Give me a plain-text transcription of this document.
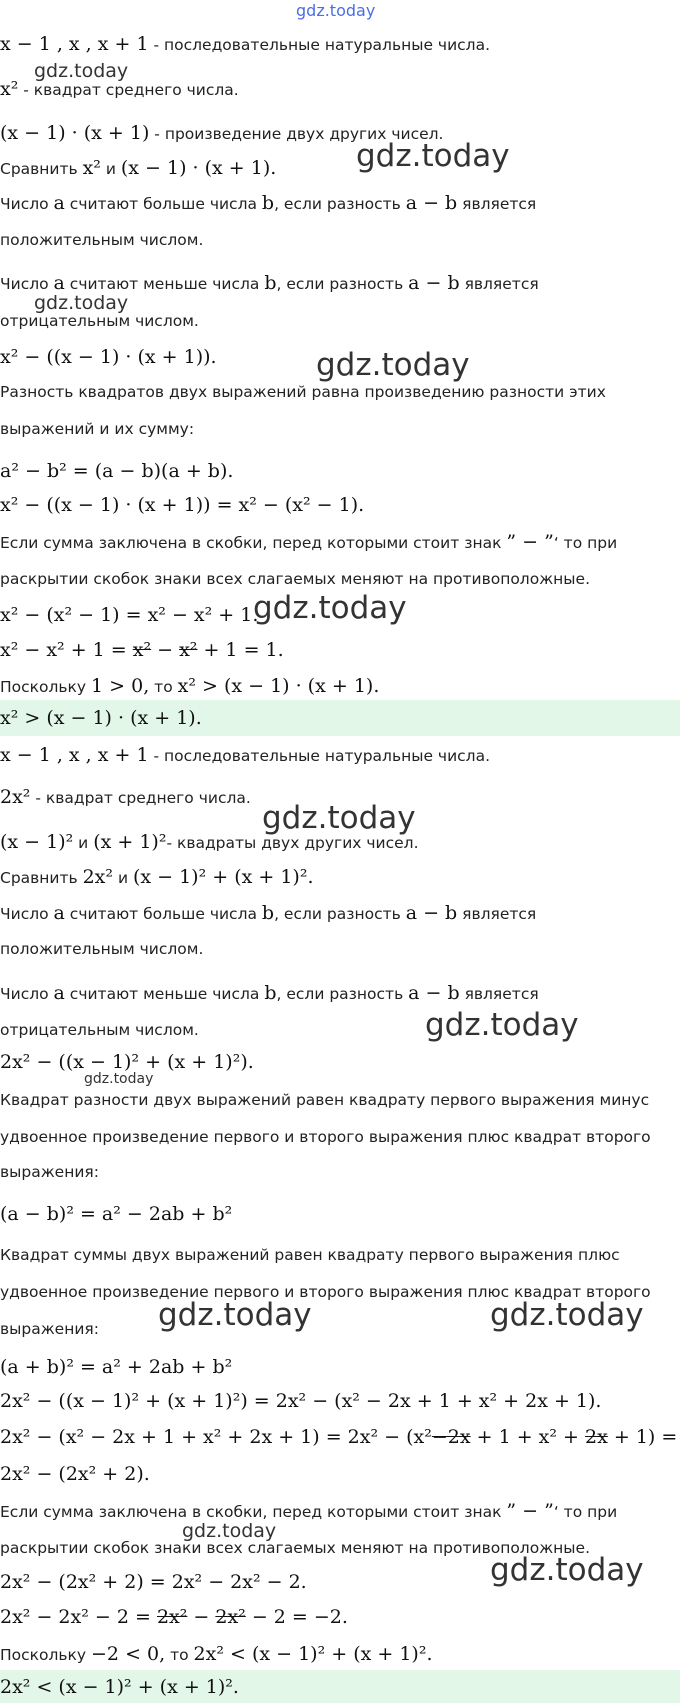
gdz.today
gdz.today
gdz.today
gdz.today
gdz.today
gdz.today
gdz.today
gdz.today
gdz.today
gdz.today	gdz.today
gdz.today
gdz.today
x − 1 , x , x + 1 - последовательные натуральные числа.
x² - квадрат среднего числа.
(x − 1) · (x + 1) - произведение двух других чисел.
Сравнить x² и (x − 1) · (x + 1).
Число a считают больше числа b, если разность a − b является
положительным числом.
Число a считают меньше числа b, если разность a − b является
отрицательным числом.
x² − ((x − 1) · (x + 1)).
Разность квадратов двух выражений равна произведению разности этих
выражений и их сумму:
a² − b² = (a − b)(a + b).
x² − ((x − 1) · (x + 1)) = x² − (x² − 1).
Если сумма заключена в скобки, перед которыми стоит знак ” − ”‘ то при
раскрытии скобок знаки всех слагаемых меняют на противоположные.
x² − (x² − 1) = x² − x² + 1.
x² − x² + 1 = x² − x² + 1 = 1.
Поскольку 1 > 0, то x² > (x − 1) · (x + 1).
x² > (x − 1) · (x + 1).
x − 1 , x , x + 1 - последовательные натуральные числа.
2x² - квадрат среднего числа.
(x − 1)² и (x + 1)²- квадраты двух других чисел.
Сравнить 2x² и (x − 1)² + (x + 1)².
Число a считают больше числа b, если разность a − b является
положительным числом.
Число a считают меньше числа b, если разность a − b является
отрицательным числом.
2x² − ((x − 1)² + (x + 1)²).
Квадрат разности двух выражений равен квадрату первого выражения минус
удвоенное произведение первого и второго выражения плюс квадрат второго
выражения:
(a − b)² = a² − 2ab + b²
Квадрат суммы двух выражений равен квадрату первого выражения плюс
удвоенное произведение первого и второго выражения плюс квадрат второго
выражения:
(a + b)² = a² + 2ab + b²
2x² − ((x − 1)² + (x + 1)²) = 2x² − (x² − 2x + 1 + x² + 2x + 1).
2x² − (x² − 2x + 1 + x² + 2x + 1) = 2x² − (x²−2x + 1 + x² + 2x + 1) =
2x² − (2x² + 2).
Если сумма заключена в скобки, перед которыми стоит знак ” − ”‘ то при
раскрытии скобок знаки всех слагаемых меняют на противоположные.
2x² − (2x² + 2) = 2x² − 2x² − 2.
2x² − 2x² − 2 = 2x² − 2x² − 2 = −2.
Поскольку −2 < 0, то 2x² < (x − 1)² + (x + 1)².
2x² < (x − 1)² + (x + 1)².
